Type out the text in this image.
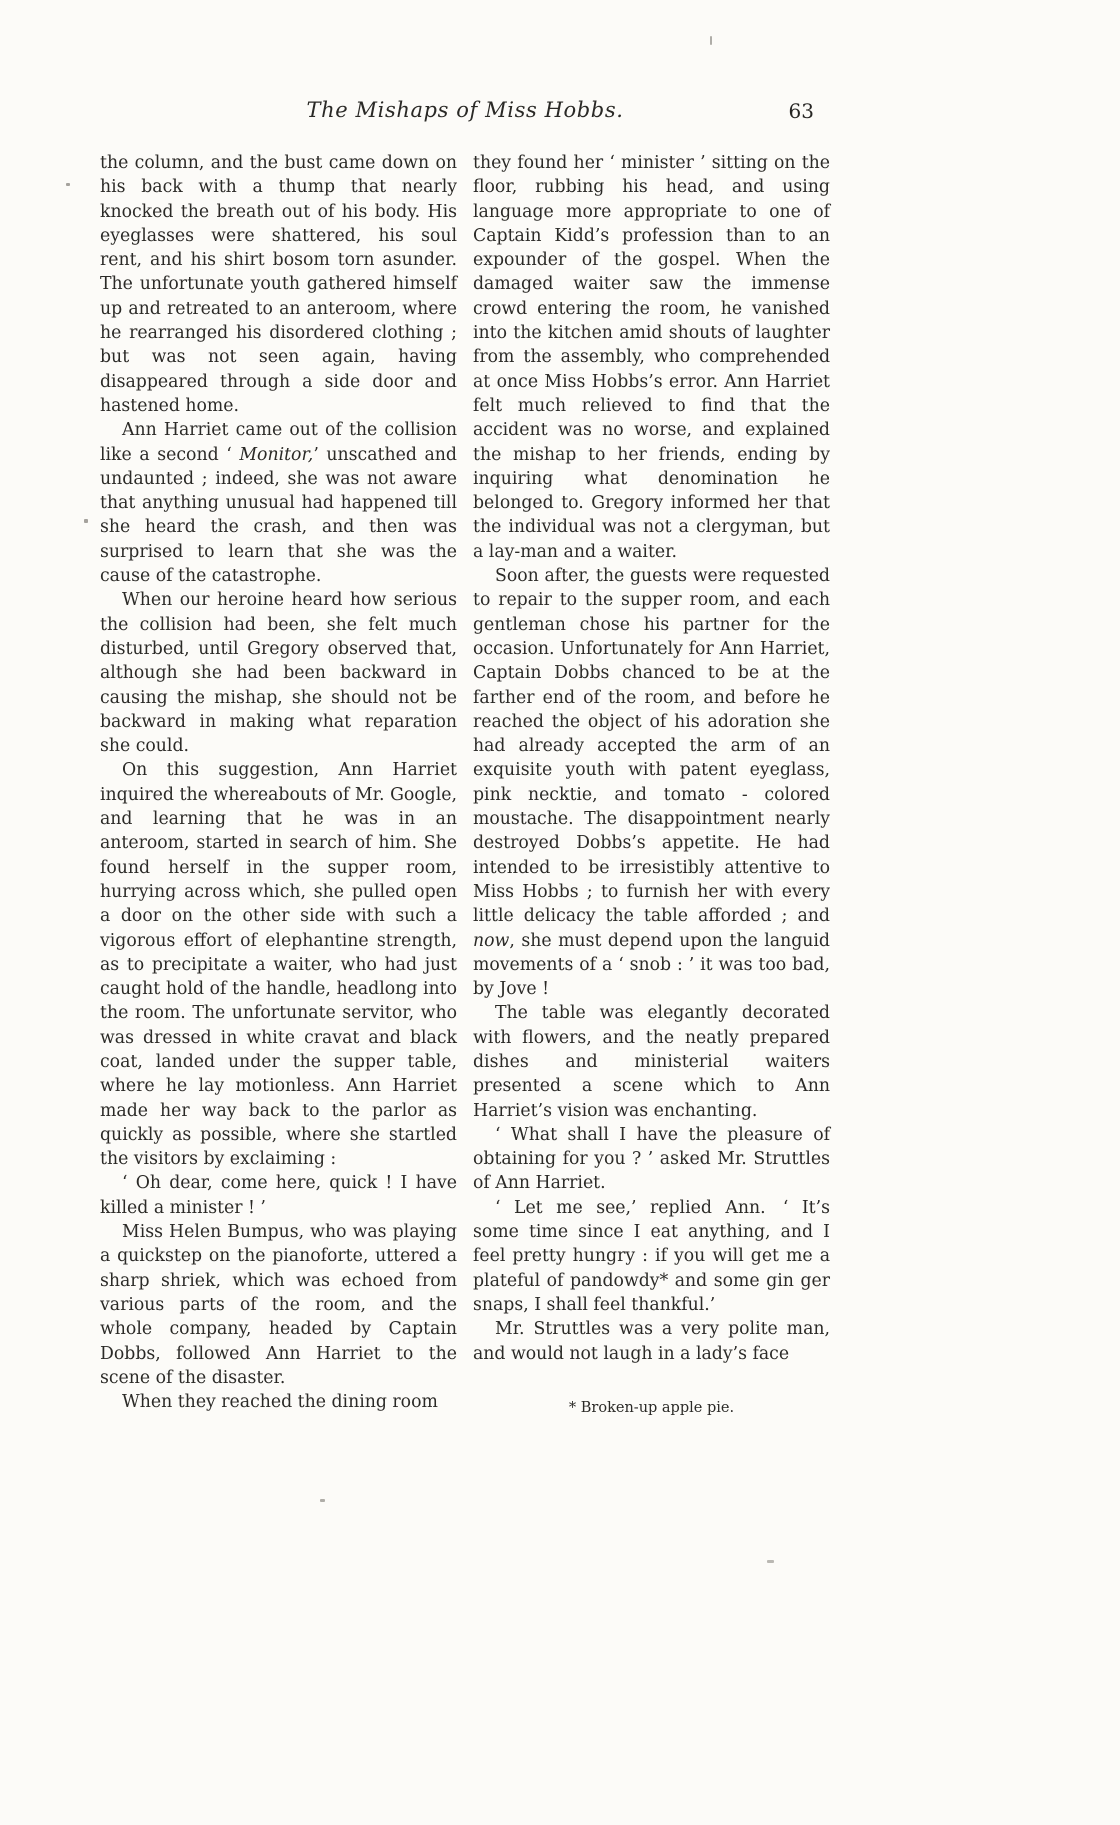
The Mishaps of Miss Hobbs.	63

the column, and the bust came down on his back with a thump that nearly knocked the breath out of his body. His eyeglasses were shattered, his soul rent, and his shirt bosom torn asunder. The unfortunate youth gathered himself up and retreated to an anteroom, where he rearranged his disordered clothing ; but was not seen again, having disappeared through a side door and hastened home.

Ann Harriet came out of the collision like a second ‘ Monitor,’ unscathed and undaunted ; indeed, she was not aware that anything unusual had happened till she heard the crash, and then was surprised to learn that she was the cause of the catastrophe.

When our heroine heard how serious the collision had been, she felt much disturbed, until Gregory observed that, although she had been backward in causing the mishap, she should not be backward in making what reparation she could.

On this suggestion, Ann Harriet inquired the whereabouts of Mr. Google, and learning that he was in an anteroom, started in search of him. She found herself in the supper room, hurrying across which, she pulled open a door on the other side with such a vigorous effort of elephantine strength, as to precipitate a waiter, who had just caught hold of the handle, headlong into the room. The unfortunate servitor, who was dressed in white cravat and black coat, landed under the supper table, where he lay motionless. Ann Harriet made her way back to the parlor as quickly as possible, where she startled the visitors by exclaiming :

‘ Oh dear, come here, quick ! I have killed a minister ! ’

Miss Helen Bumpus, who was playing a quickstep on the pianoforte, uttered a sharp shriek, which was echoed from various parts of the room, and the whole company, headed by Captain Dobbs, followed Ann Harriet to the scene of the disaster.

When they reached the dining room

they found her ‘ minister ’ sitting on the floor, rubbing his head, and using language more appropriate to one of Captain Kidd’s profession than to an expounder of the gospel. When the damaged waiter saw the immense crowd entering the room, he vanished into the kitchen amid shouts of laughter from the assembly, who comprehended at once Miss Hobbs’s error. Ann Harriet felt much relieved to find that the accident was no worse, and explained the mishap to her friends, ending by inquiring what denomination he belonged to. Gregory informed her that the individual was not a clergyman, but a lay-man and a waiter.

Soon after, the guests were requested to repair to the supper room, and each gentleman chose his partner for the occasion. Unfortunately for Ann Harriet, Captain Dobbs chanced to be at the farther end of the room, and before he reached the object of his adoration she had already accepted the arm of an exquisite youth with patent eyeglass, pink necktie, and tomato - colored moustache. The disappointment nearly destroyed Dobbs’s appetite. He had intended to be irresistibly attentive to Miss Hobbs ; to furnish her with every little delicacy the table afforded ; and now, she must depend upon the languid movements of a ‘ snob : ’ it was too bad, by Jove !

The table was elegantly decorated with flowers, and the neatly prepared dishes and ministerial waiters presented a scene which to Ann Harriet’s vision was enchanting.

‘ What shall I have the pleasure of obtaining for you ? ’ asked Mr. Struttles of Ann Harriet.

‘ Let me see,’ replied Ann. ‘ It’s some time since I eat anything, and I feel pretty hungry : if you will get me a plateful of pandowdy* and some gin ger snaps, I shall feel thankful.’

Mr. Struttles was a very polite man, and would not laugh in a lady’s face

* Broken-up apple pie.
